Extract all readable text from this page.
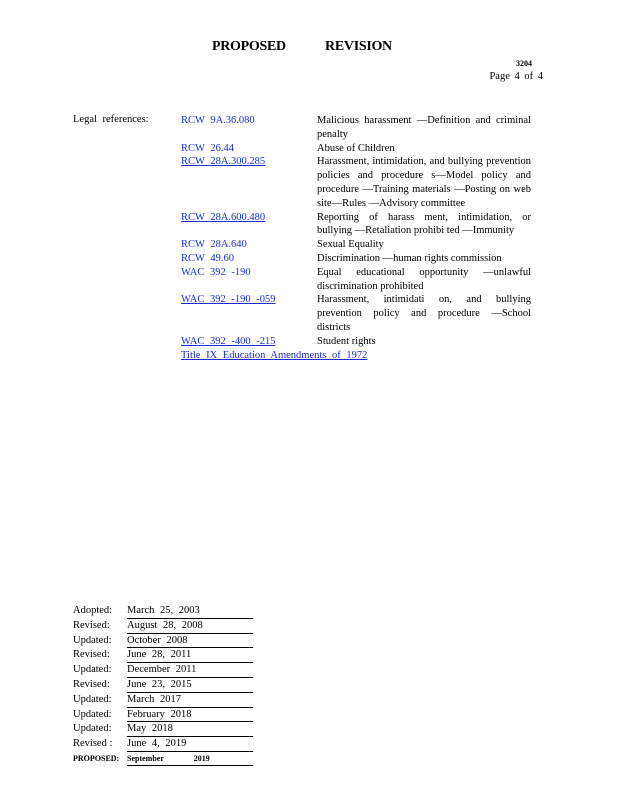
PROPOSED	REVISION
3204
Page 4 of 4
Legal references:	RCW 9A.36.080	Malicious harassment —Definition and criminal penalty
RCW 26.44	Abuse of Children
RCW 28A.300.285	Harassment, intimidation, and bullying prevention policies and procedure s—Model policy and procedure —Training materials —Posting on web site—Rules —Advisory committee
RCW 28A.600.480	Reporting of harass ment, intimidation, or bullying —Retaliation prohibi ted —Immunity
RCW 28A.640	Sexual Equality
RCW 49.60	Discrimination —human rights commission
WAC 392 -190	Equal educational opportunity —unlawful discrimination prohibited
WAC 392 -190 -059	Harassment, intimidati on, and bullying prevention policy and procedure —School districts
WAC 392 -400 -215	Student rights
Title IX Education Amendments of 1972
Adopted:	March 25, 2003
Revised:	August 28, 2008
Updated:	October 2008
Revised:	June 28, 2011
Updated:	December 2011
Revised:	June 23, 2015
Updated:	March 2017
Updated:	February 2018
Updated:	May 2018
Revised :	June 4, 2019
PROPOSED: September 2019
